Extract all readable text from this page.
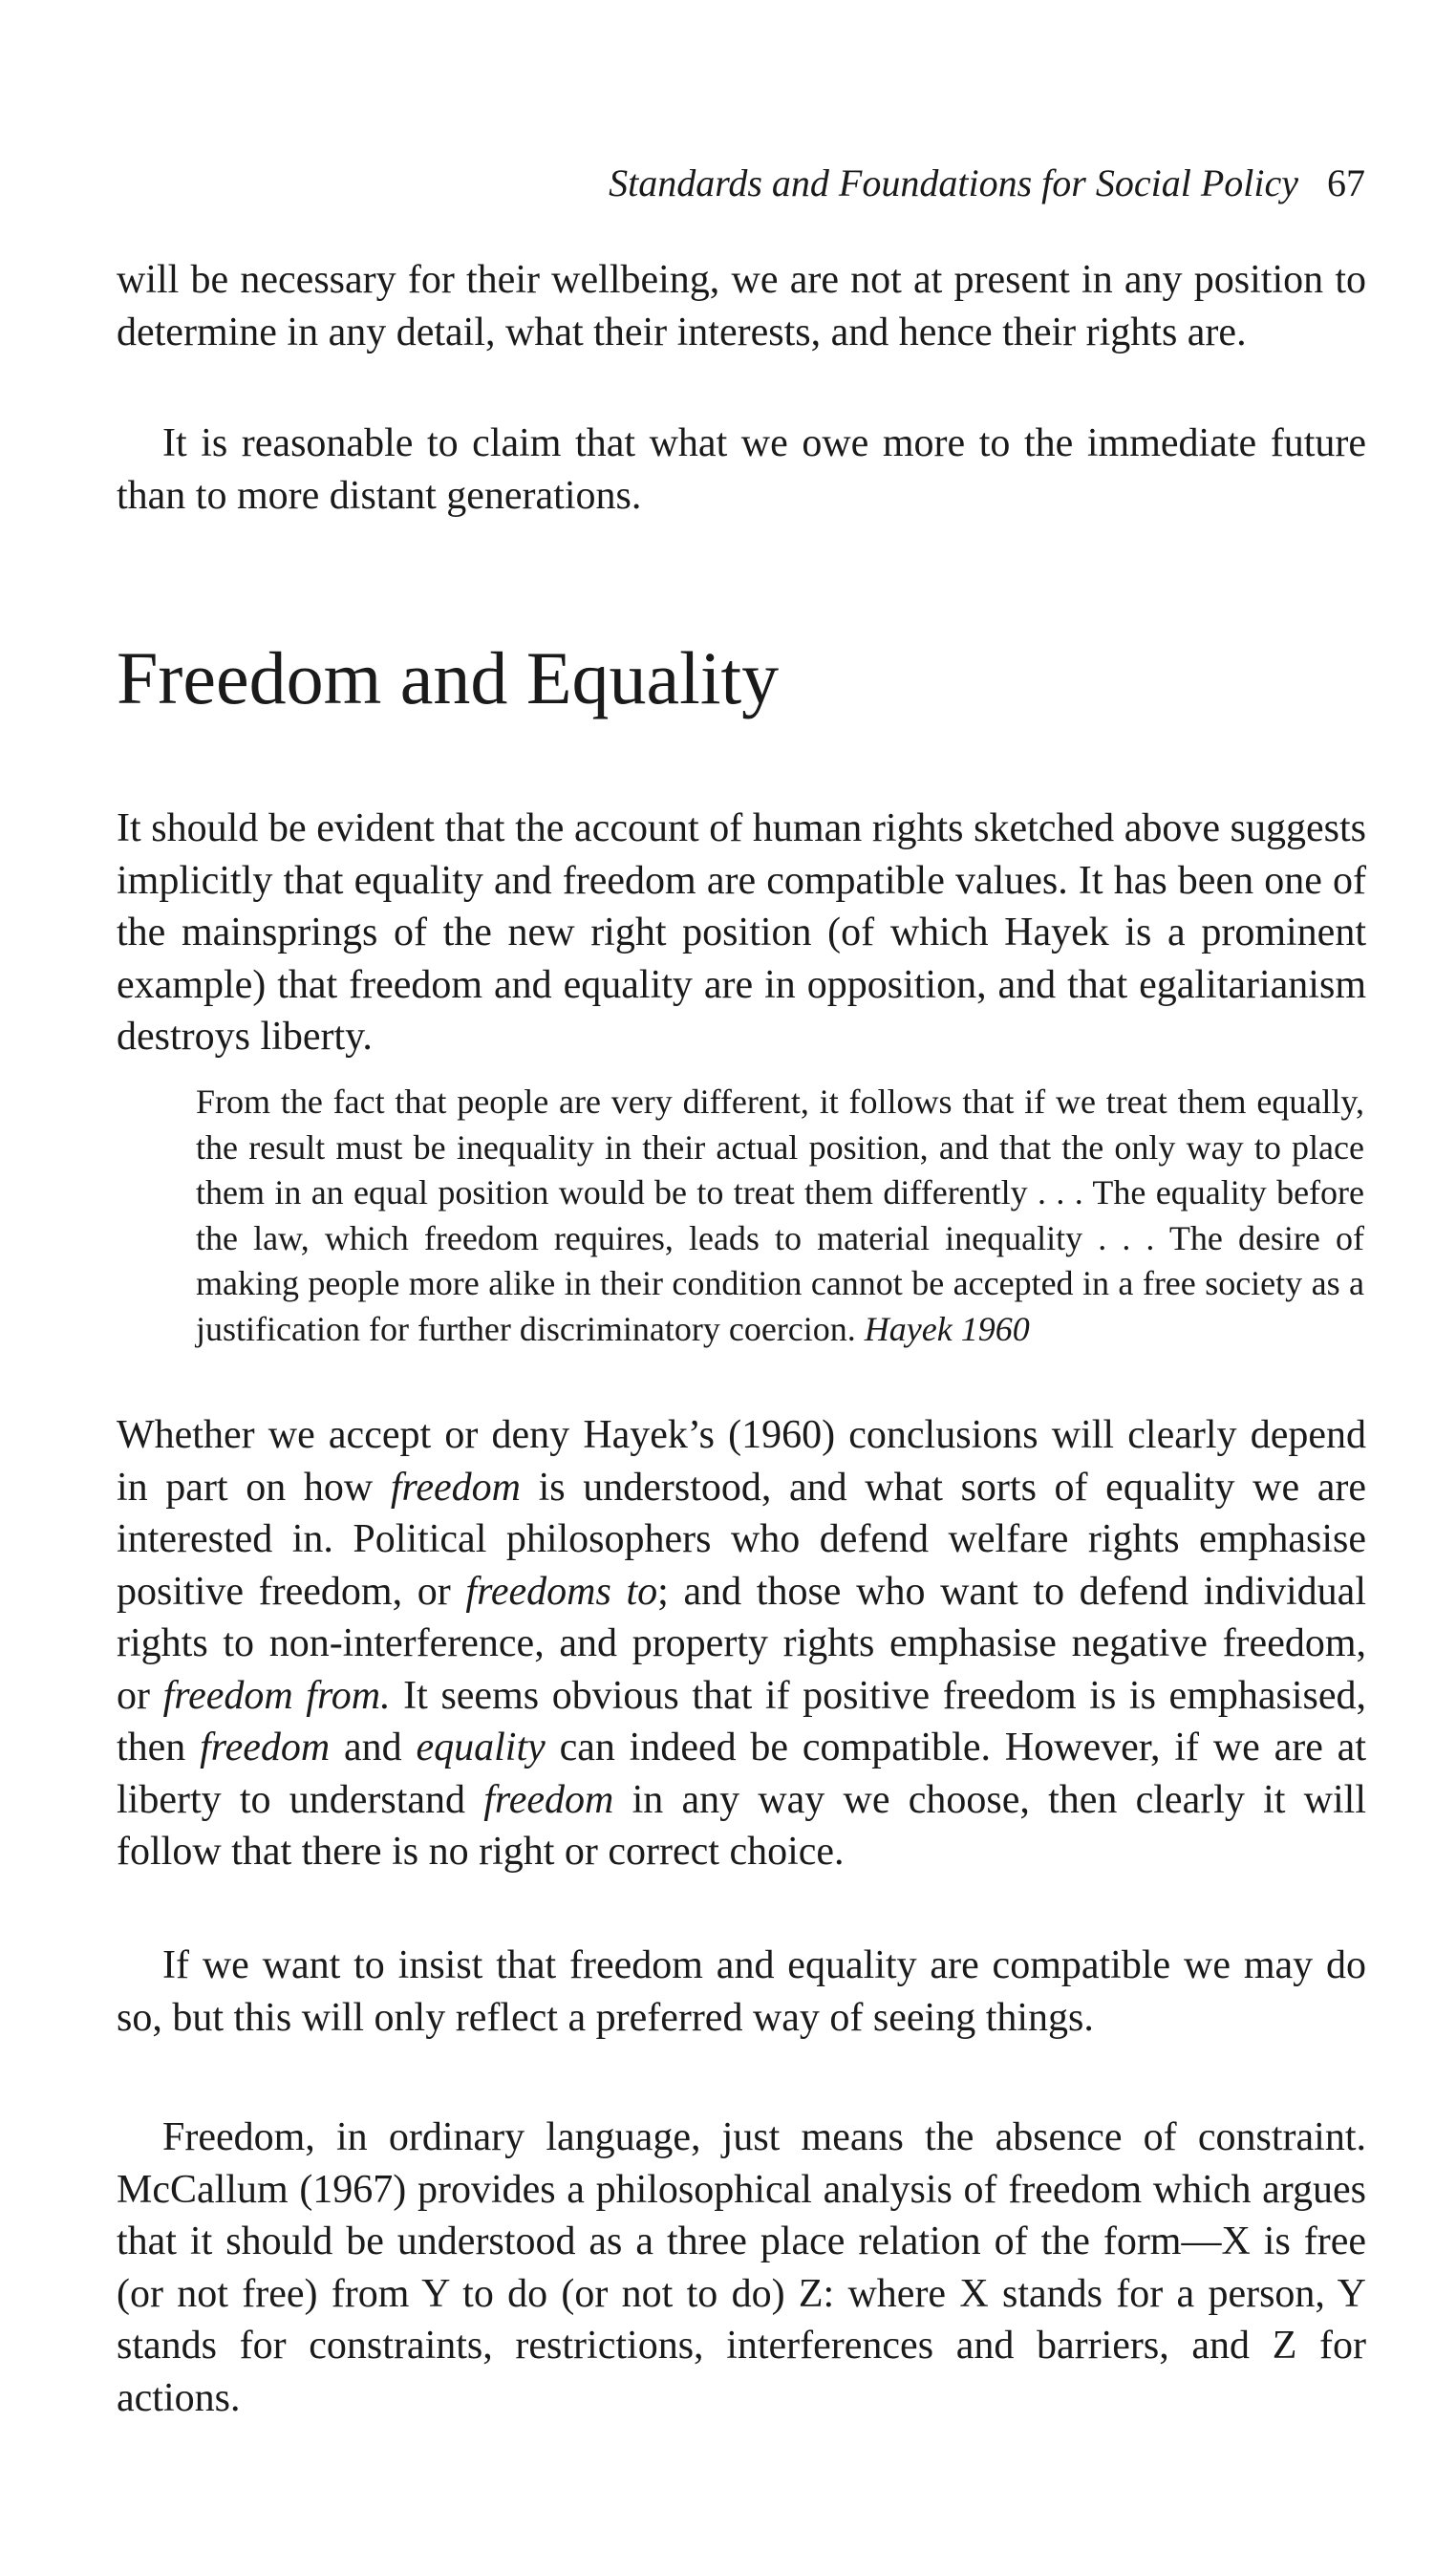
Standards and Foundations for Social Policy 67

will be necessary for their wellbeing, we are not at present in any position to determine in any detail, what their interests, and hence their rights are.

It is reasonable to claim that what we owe more to the immediate future than to more distant generations.

Freedom and Equality

It should be evident that the account of human rights sketched above suggests implicitly that equality and freedom are compatible values. It has been one of the mainsprings of the new right position (of which Hayek is a prominent example) that freedom and equality are in opposition, and that egalitarianism destroys liberty.

From the fact that people are very different, it follows that if we treat them equally, the result must be inequality in their actual position, and that the only way to place them in an equal position would be to treat them differently . . . The equality before the law, which freedom requires, leads to material inequality . . . The desire of making people more alike in their condition cannot be accepted in a free society as a justification for further discriminatory coercion. Hayek 1960

Whether we accept or deny Hayek’s (1960) conclusions will clearly depend in part on how freedom is understood, and what sorts of equality we are interested in. Political philosophers who defend welfare rights emphasise positive freedom, or freedoms to; and those who want to defend individual rights to non-interference, and property rights emphasise negative freedom, or freedom from. It seems obvious that if positive freedom is is emphasised, then freedom and equality can indeed be compatible. However, if we are at liberty to understand freedom in any way we choose, then clearly it will follow that there is no right or correct choice.

If we want to insist that freedom and equality are compatible we may do so, but this will only reflect a preferred way of seeing things.

Freedom, in ordinary language, just means the absence of constraint. McCallum (1967) provides a philosophical analysis of freedom which argues that it should be understood as a three place relation of the form—X is free (or not free) from Y to do (or not to do) Z: where X stands for a person, Y stands for constraints, restrictions, interferences and barriers, and Z for actions.
